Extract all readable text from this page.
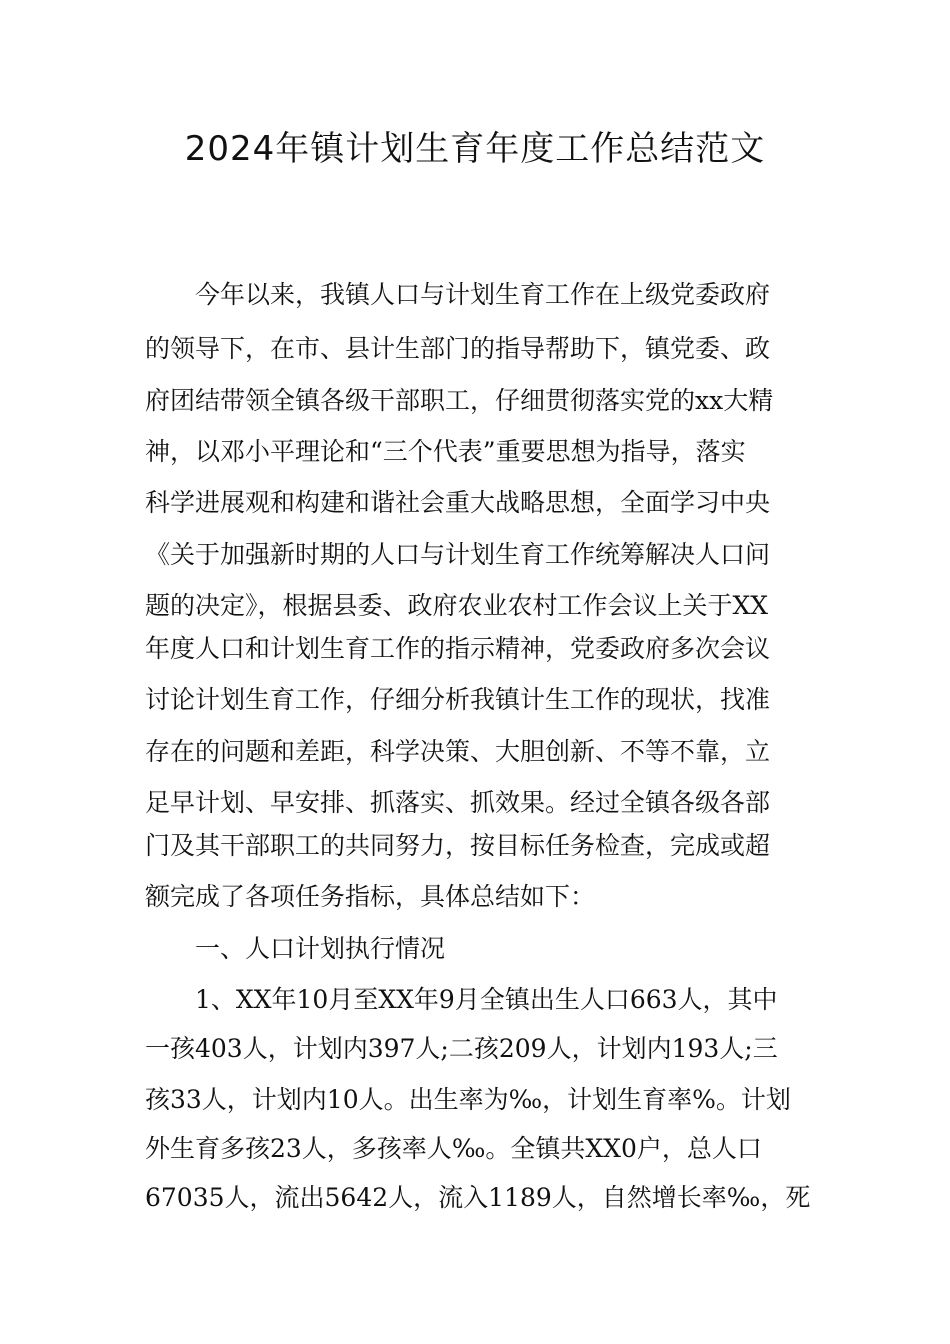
2024年镇计划生育年度工作总结范文
　　今年以来，我镇人口与计划生育工作在上级党委政府
的领导下，在市、县计生部门的指导帮助下，镇党委、政
府团结带领全镇各级干部职工，仔细贯彻落实党的xx大精
神，以邓小平理论和“三个代表”重要思想为指导，落实
科学进展观和构建和谐社会重大战略思想，全面学习中央
《关于加强新时期的人口与计划生育工作统筹解决人口问
题的决定》，根据县委、政府农业农村工作会议上关于XX
年度人口和计划生育工作的指示精神，党委政府多次会议
讨论计划生育工作，仔细分析我镇计生工作的现状，找准
存在的问题和差距，科学决策、大胆创新、不等不靠，立
足早计划、早安排、抓落实、抓效果。经过全镇各级各部
门及其干部职工的共同努力，按目标任务检查，完成或超
额完成了各项任务指标，具体总结如下：
　　一、人口计划执行情况
　　1、XX年10月至XX年9月全镇出生人口663人，其中
一孩403人，计划内397人;二孩209人，计划内193人;三
孩33人，计划内10人。出生率为‰，计划生育率%。计划
外生育多孩23人，多孩率人‰。全镇共XX0户，总人口
67035人，流出5642人，流入1189人，自然增长率‰，死
